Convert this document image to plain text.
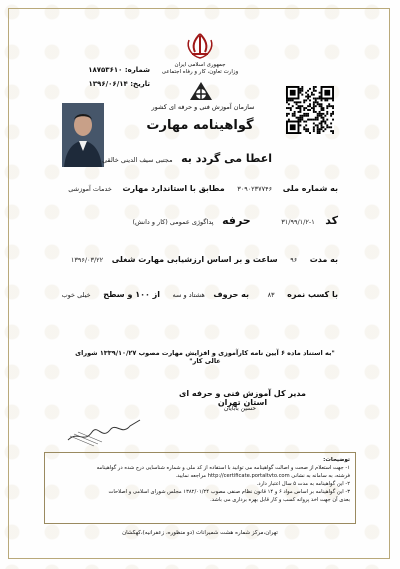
جمهوری اسلامی ایران
وزارت تعاون، کار و رفاه اجتماعی
سازمان آموزش فنی و حرفه ای کشور
گواهینامه مهارت
شماره: ۱۸۷۵۳۶۱۰
تاریخ: ۱۳۹۶/۰۶/۱۴
اعطا می گردد به مجتبی سیف الدینی خالقی
به شماره ملی ۳۰۹۰۲۳۷۷۴۶ مطابق با استاندارد مهارت خدمات آموزشی
کد ۱-۳۱/۹۹/۱/۲ حرفه پداگوژی عمومی (کار و دانش)
به مدت ۹۶ ساعت و بر اساس ارزشیابی مهارت شغلی ۱۳۹۶/۰۳/۲۲
با کسب نمره ۸۳ به حروف هشتاد و سه از ۱۰۰ و سطح خیلی خوب
"به استناد ماده ۶ آیین نامه کارآموزی و افزایش مهارت مصوب ۱۳۳۹/۱۰/۲۷ شورای عالی کار"
مدیر کل آموزش فنی و حرفه ای استان تهران
حسین بابایان
توضیحات:
۱- جهت استعلام از صحت و اصالت گواهینامه می توانید با استفاده از کد ملی و شماره شناسایی درج شده در گواهینامه
فرشته، به سامانه به نشانی http://certificate.portaltvto.com مراجعه نمایید.
۲- این گواهینامه به مدت ۵ سال اعتبار دارد.
۳- این گواهینامه بر اساس مواد ۶ و ۱۴ قانون نظام صنفی مصوب ۱۳۸۲/۰۱/۲۴ مجلس شورای اسلامی و اصلاحات
بعدی آن جهت اخذ پروانه کسب و کار قابل بهره برداری می باشد.
تهران،مرکز شماره هشت شمیرانات (دو منظوره، زعفرانیه)،کهکشان
